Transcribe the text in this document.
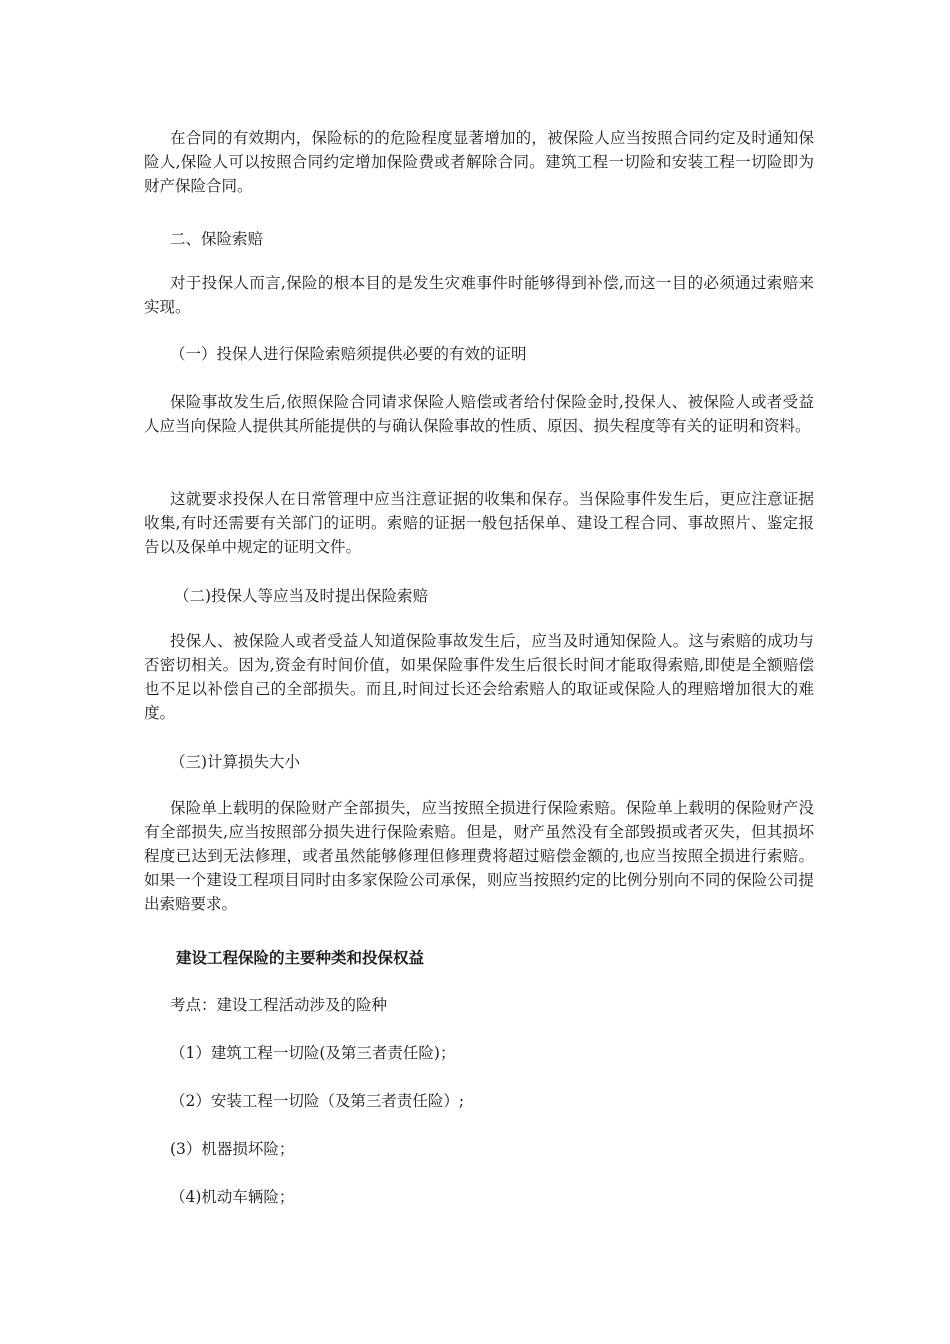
在合同的有效期内，保险标的的危险程度显著增加的，被保险人应当按照合同约定及时通知保险人,保险人可以按照合同约定增加保险费或者解除合同。建筑工程一切险和安装工程一切险即为财产保险合同。

二、保险索赔

对于投保人而言,保险的根本目的是发生灾难事件时能够得到补偿,而这一目的必须通过索赔来实现。

（一）投保人进行保险索赔须提供必要的有效的证明

保险事故发生后,依照保险合同请求保险人赔偿或者给付保险金时,投保人、被保险人或者受益人应当向保险人提供其所能提供的与确认保险事故的性质、原因、损失程度等有关的证明和资料。

这就要求投保人在日常管理中应当注意证据的收集和保存。当保险事件发生后，更应注意证据收集,有时还需要有关部门的证明。索赔的证据一般包括保单、建设工程合同、事故照片、鉴定报告以及保单中规定的证明文件。

（二)投保人等应当及时提出保险索赔

投保人、被保险人或者受益人知道保险事故发生后，应当及时通知保险人。这与索赔的成功与否密切相关。因为,资金有时间价值，如果保险事件发生后很长时间才能取得索赔,即使是全额赔偿也不足以补偿自己的全部损失。而且,时间过长还会给索赔人的取证或保险人的理赔增加很大的难度。

（三)计算损失大小

保险单上载明的保险财产全部损失，应当按照全损进行保险索赔。保险单上载明的保险财产没有全部损失,应当按照部分损失进行保险索赔。但是，财产虽然没有全部毁损或者灭失，但其损坏程度已达到无法修理，或者虽然能够修理但修理费将超过赔偿金额的,也应当按照全损进行索赔。如果一个建设工程项目同时由多家保险公司承保，则应当按照约定的比例分别向不同的保险公司提出索赔要求。

建设工程保险的主要种类和投保权益

考点：建设工程活动涉及的险种

（1）建筑工程一切险(及第三者责任险)；

（2）安装工程一切险（及第三者责任险）;

(3）机器损坏险；

（4)机动车辆险；
